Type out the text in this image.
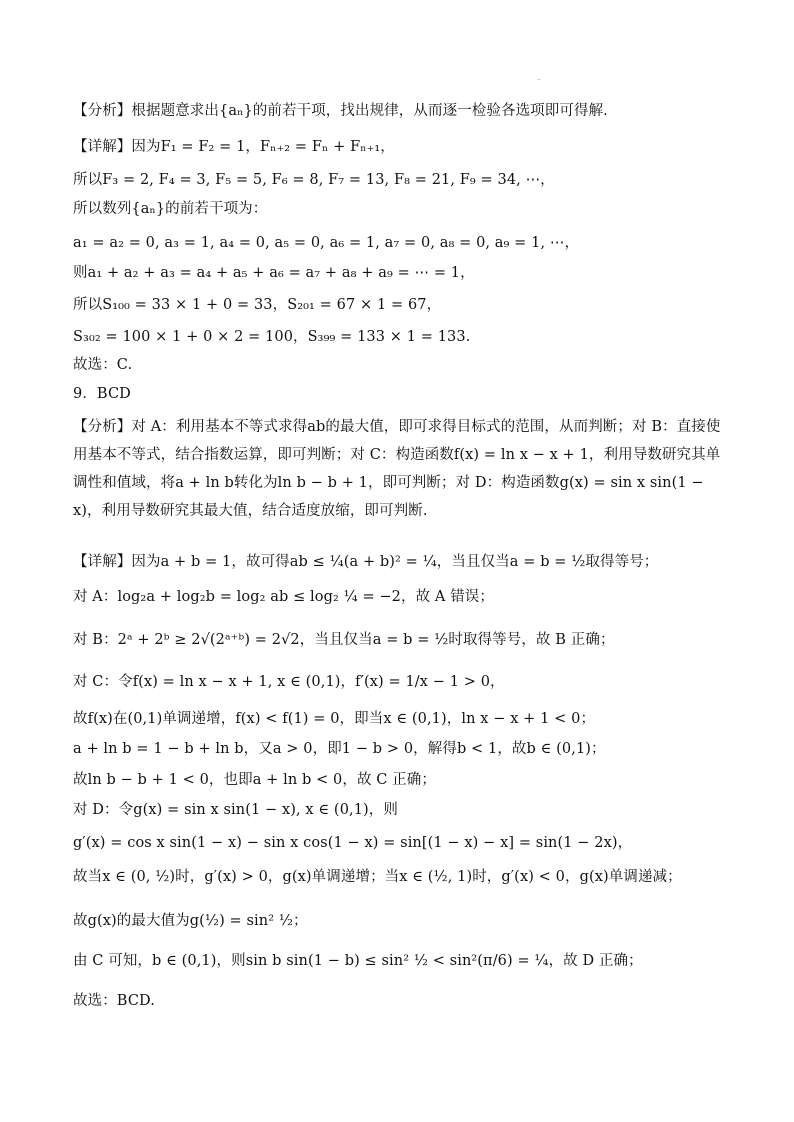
【分析】根据题意求出{aₙ}的前若干项，找出规律，从而逐一检验各选项即可得解.
【详解】因为F₁ = F₂ = 1，Fₙ₊₂ = Fₙ + Fₙ₊₁，
所以F₃ = 2, F₄ = 3, F₅ = 5, F₆ = 8, F₇ = 13, F₈ = 21, F₉ = 34, ⋯，
所以数列{aₙ}的前若干项为：
a₁ = a₂ = 0, a₃ = 1, a₄ = 0, a₅ = 0, a₆ = 1, a₇ = 0, a₈ = 0, a₉ = 1, ⋯，
则a₁ + a₂ + a₃ = a₄ + a₅ + a₆ = a₇ + a₈ + a₉ = ⋯ = 1，
所以S₁₀₀ = 33 × 1 + 0 = 33，S₂₀₁ = 67 × 1 = 67，
S₃₀₂ = 100 × 1 + 0 × 2 = 100，S₃₉₉ = 133 × 1 = 133.
故选：C.
9．BCD
【分析】对 A：利用基本不等式求得ab的最大值，即可求得目标式的范围，从而判断；对 B：直接使用基本不等式，结合指数运算，即可判断；对 C：构造函数f(x) = ln x − x + 1，利用导数研究其单调性和值域，将a + ln b转化为ln b − b + 1，即可判断；对 D：构造函数g(x) = sin x sin(1 − x)，利用导数研究其最大值，结合适度放缩，即可判断.
【详解】因为a + b = 1，故可得ab ≤ ¼(a + b)² = ¼，当且仅当a = b = ½取得等号；
对 A：log₂a + log₂b = log₂ ab ≤ log₂ ¼ = −2，故 A 错误；
对 B：2ᵃ + 2ᵇ ≥ 2√(2ᵃ⁺ᵇ) = 2√2，当且仅当a = b = ½时取得等号，故 B 正确；
对 C：令f(x) = ln x − x + 1, x ∈ (0,1)，f′(x) = 1/x − 1 > 0，
故f(x)在(0,1)单调递增，f(x) < f(1) = 0，即当x ∈ (0,1)，ln x − x + 1 < 0；
a + ln b = 1 − b + ln b，又a > 0，即1 − b > 0，解得b < 1，故b ∈ (0,1)；
故ln b − b + 1 < 0，也即a + ln b < 0，故 C 正确；
对 D：令g(x) = sin x sin(1 − x), x ∈ (0,1)，则
g′(x) = cos x sin(1 − x) − sin x cos(1 − x) = sin[(1 − x) − x] = sin(1 − 2x)，
故当x ∈ (0, ½)时，g′(x) > 0，g(x)单调递增；当x ∈ (½, 1)时，g′(x) < 0，g(x)单调递减；
故g(x)的最大值为g(½) = sin² ½；
由 C 可知，b ∈ (0,1)，则sin b sin(1 − b) ≤ sin² ½ < sin²(π/6) = ¼，故 D 正确；
故选：BCD.
